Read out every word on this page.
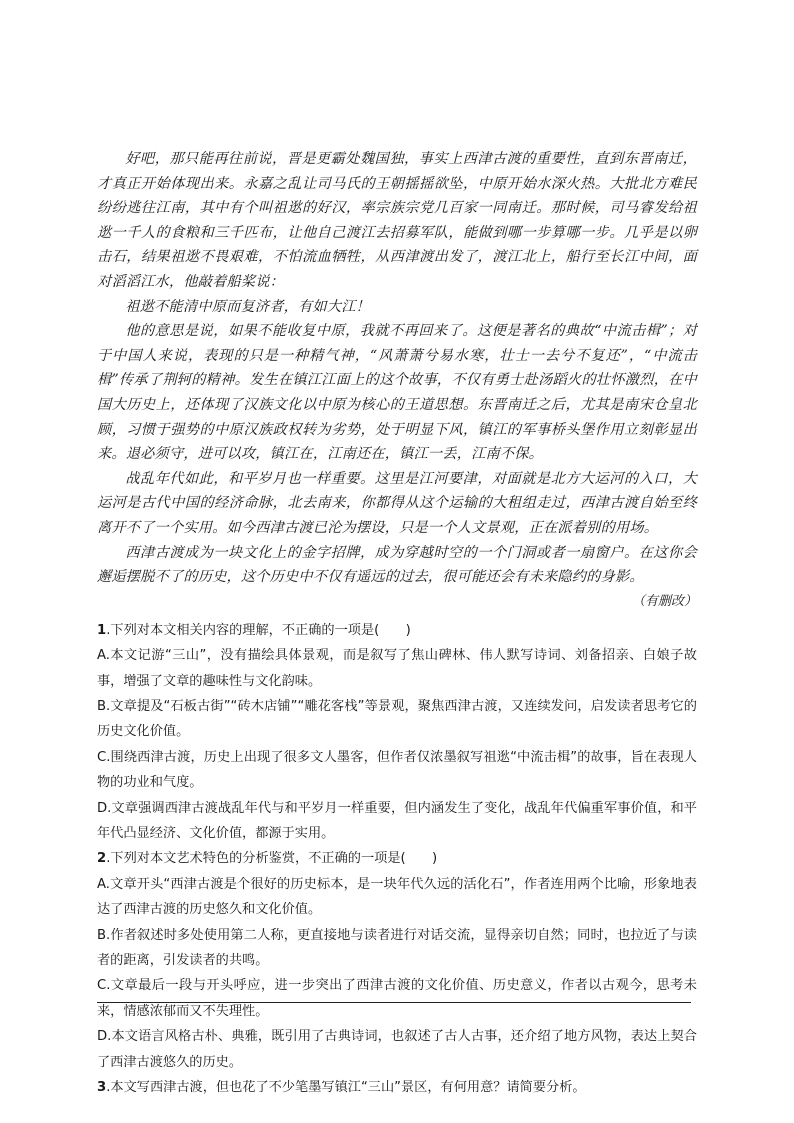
好吧，那只能再往前说，晋是更霸处魏国独，事实上西津古渡的重要性，直到东晋南迁，才真正开始体现出来。永嘉之乱让司马氏的王朝摇摇欲坠，中原开始水深火热。大批北方难民纷纷逃往江南，其中有个叫祖逖的好汉，率宗族宗党几百家一同南迁。那时候，司马睿发给祖逖一千人的食粮和三千匹布，让他自己渡江去招募军队，能做到哪一步算哪一步。几乎是以卵击石，结果祖逖不畏艰难，不怕流血牺牲，从西津渡出发了，渡江北上，船行至长江中间，面对滔滔江水，他敲着船桨说：

祖逖不能清中原而复济者，有如大江！

他的意思是说，如果不能收复中原，我就不再回来了。这便是著名的典故“中流击楫”；对于中国人来说，表现的只是一种精气神，“风萧萧兮易水寒，壮士一去兮不复还”，“中流击楫”传承了荆轲的精神。发生在镇江江面上的这个故事，不仅有勇士赴汤蹈火的壮怀激烈，在中国大历史上，还体现了汉族文化以中原为核心的王道思想。东晋南迁之后，尤其是南宋仓皇北顾，习惯于强势的中原汉族政权转为劣势，处于明显下风，镇江的军事桥头堡作用立刻彰显出来。退必须守，进可以攻，镇江在，江南还在，镇江一丢，江南不保。

战乱年代如此，和平岁月也一样重要。这里是江河要津，对面就是北方大运河的入口，大运河是古代中国的经济命脉，北去南来，你都得从这个运输的大租组走过，西津古渡自始至终离开不了一个实用。如今西津古渡已沦为摆设，只是一个人文景观，正在派着别的用场。

西津古渡成为一块文化上的金字招牌，成为穿越时空的一个门洞或者一扇窗户。在这你会邂逅摆脱不了的历史，这个历史中不仅有遥远的过去，很可能还会有未来隐约的身影。

（有删改）

1.下列对本文相关内容的理解，不正确的一项是(　　)

A.本文记游“三山”，没有描绘具体景观，而是叙写了焦山碑林、伟人默写诗词、刘备招亲、白娘子故事，增强了文章的趣味性与文化韵味。

B.文章提及“石板古街”“砖木店铺”“雕花客栈”等景观，聚焦西津古渡，又连续发问，启发读者思考它的历史文化价值。

C.围绕西津古渡，历史上出现了很多文人墨客，但作者仅浓墨叙写祖逖“中流击楫”的故事，旨在表现人物的功业和气度。

D.文章强调西津古渡战乱年代与和平岁月一样重要，但内涵发生了变化，战乱年代偏重军事价值，和平年代凸显经济、文化价值，都源于实用。

2.下列对本文艺术特色的分析鉴赏，不正确的一项是(　　)

A.文章开头“西津古渡是个很好的历史标本，是一块年代久远的活化石”，作者连用两个比喻，形象地表达了西津古渡的历史悠久和文化价值。

B.作者叙述时多处使用第二人称，更直接地与读者进行对话交流，显得亲切自然；同时，也拉近了与读者的距离，引发读者的共鸣。

C.文章最后一段与开头呼应，进一步突出了西津古渡的文化价值、历史意义，作者以古观今，思考未来，情感浓郁而又不失理性。

D.本文语言风格古朴、典雅，既引用了古典诗词，也叙述了古人古事，还介绍了地方风物，表达上契合了西津古渡悠久的历史。

3.本文写西津古渡，但也花了不少笔墨写镇江“三山”景区，有何用意？请简要分析。
